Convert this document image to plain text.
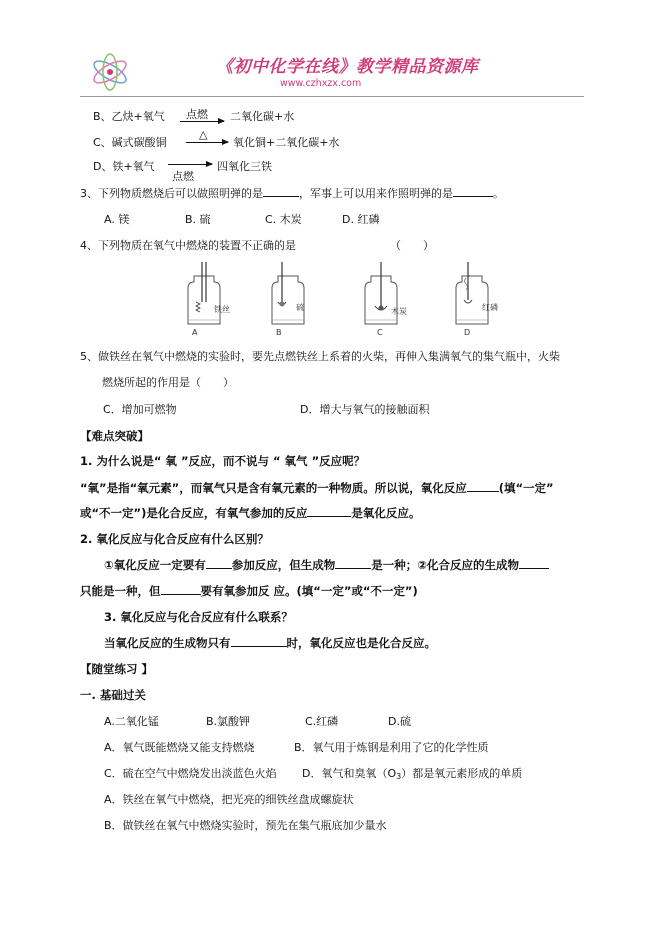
《初中化学在线》教学精品资源库
www.czhxzx.com
B、乙炔+氧气 点燃 二氧化碳+水
C、碱式碳酸铜
△
氧化铜+二氧化碳+水
D、铁+氧气	四氧化三铁
点燃
3、下列物质燃烧后可以做照明弹的是	，军事上可以用来作照明弹的是	。
A. 镁	B. 硫	C. 木炭	D. 红磷
4、下列物质在氧气中燃烧的装置不正确的是	（　　）
铁丝
A
硫
B
木炭
C
红磷
D
5、做铁丝在氧气中燃烧的实验时，要先点燃铁丝上系着的火柴，再伸入集满氧气的集气瓶中，火柴
燃烧所起的作用是（　　）
C．增加可燃物	D．增大与氧气的接触面积
【难点突破】
1. 为什么说是“ 氧 ”反应，而不说与 “ 氧气 ”反应呢？
“氧”是指“氧元素”，而氧气只是含有氧元素的一种物质。所以说，氧化反应	(填“一定”
或“不一定”)是化合反应，有氧气参加的反应	是氧化反应。
2. 氧化反应与化合反应有什么区别？
①氧化反应一定要有 参加反应，但生成物	是一种；②化合反应的生成物
只能是一种，但	要有氧参加反 应。(填“一定”或“不一定”)
3. 氧化反应与化合反应有什么联系？
当氧化反应的生成物只有	时，氧化反应也是化合反应。
【随堂练习 】
一. 基础过关
A.二氧化锰	B.氯酸钾	C.红磷	D.硫
A．氧气既能燃烧又能支持燃烧	B．氧气用于炼钢是利用了它的化学性质
C．硫在空气中燃烧发出淡蓝色火焰 D．氧气和臭氧$(O_3)$都是氧元素形成的单质
A．铁丝在氧气中燃烧，把光亮的细铁丝盘成螺旋状
B．做铁丝在氧气中燃烧实验时，预先在集气瓶底加少量水
